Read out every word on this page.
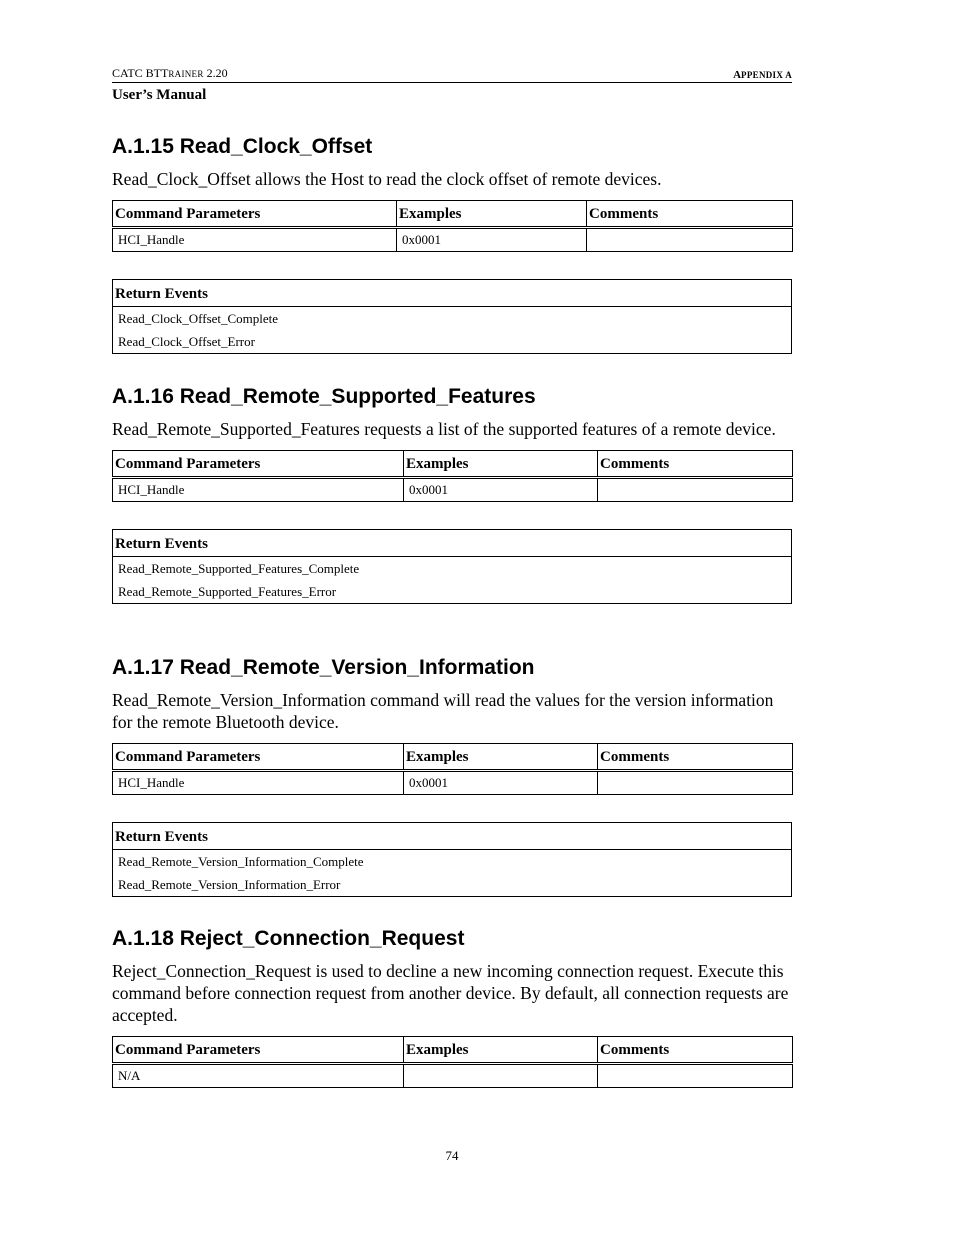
CATC BTTRAINER 2.20	APPENDIX A
User’s Manual
A.1.15 Read_Clock_Offset

Read_Clock_Offset allows the Host to read the clock offset of remote devices.

Command Parameters	Examples	Comments
HCI_Handle	0x0001	
Return Events
Read_Clock_Offset_Complete
Read_Clock_Offset_Error
A.1.16 Read_Remote_Supported_Features

Read_Remote_Supported_Features requests a list of the supported features of a remote device.

Command Parameters	Examples	Comments
HCI_Handle	0x0001	
Return Events
Read_Remote_Supported_Features_Complete
Read_Remote_Supported_Features_Error
A.1.17 Read_Remote_Version_Information

Read_Remote_Version_Information command will read the values for the version information for the remote Bluetooth device.

Command Parameters	Examples	Comments
HCI_Handle	0x0001	
Return Events
Read_Remote_Version_Information_Complete
Read_Remote_Version_Information_Error
A.1.18 Reject_Connection_Request

Reject_Connection_Request is used to decline a new incoming connection request. Execute this command before connection request from another device. By default, all connection requests are accepted.

Command Parameters	Examples	Comments
N/A		
74
